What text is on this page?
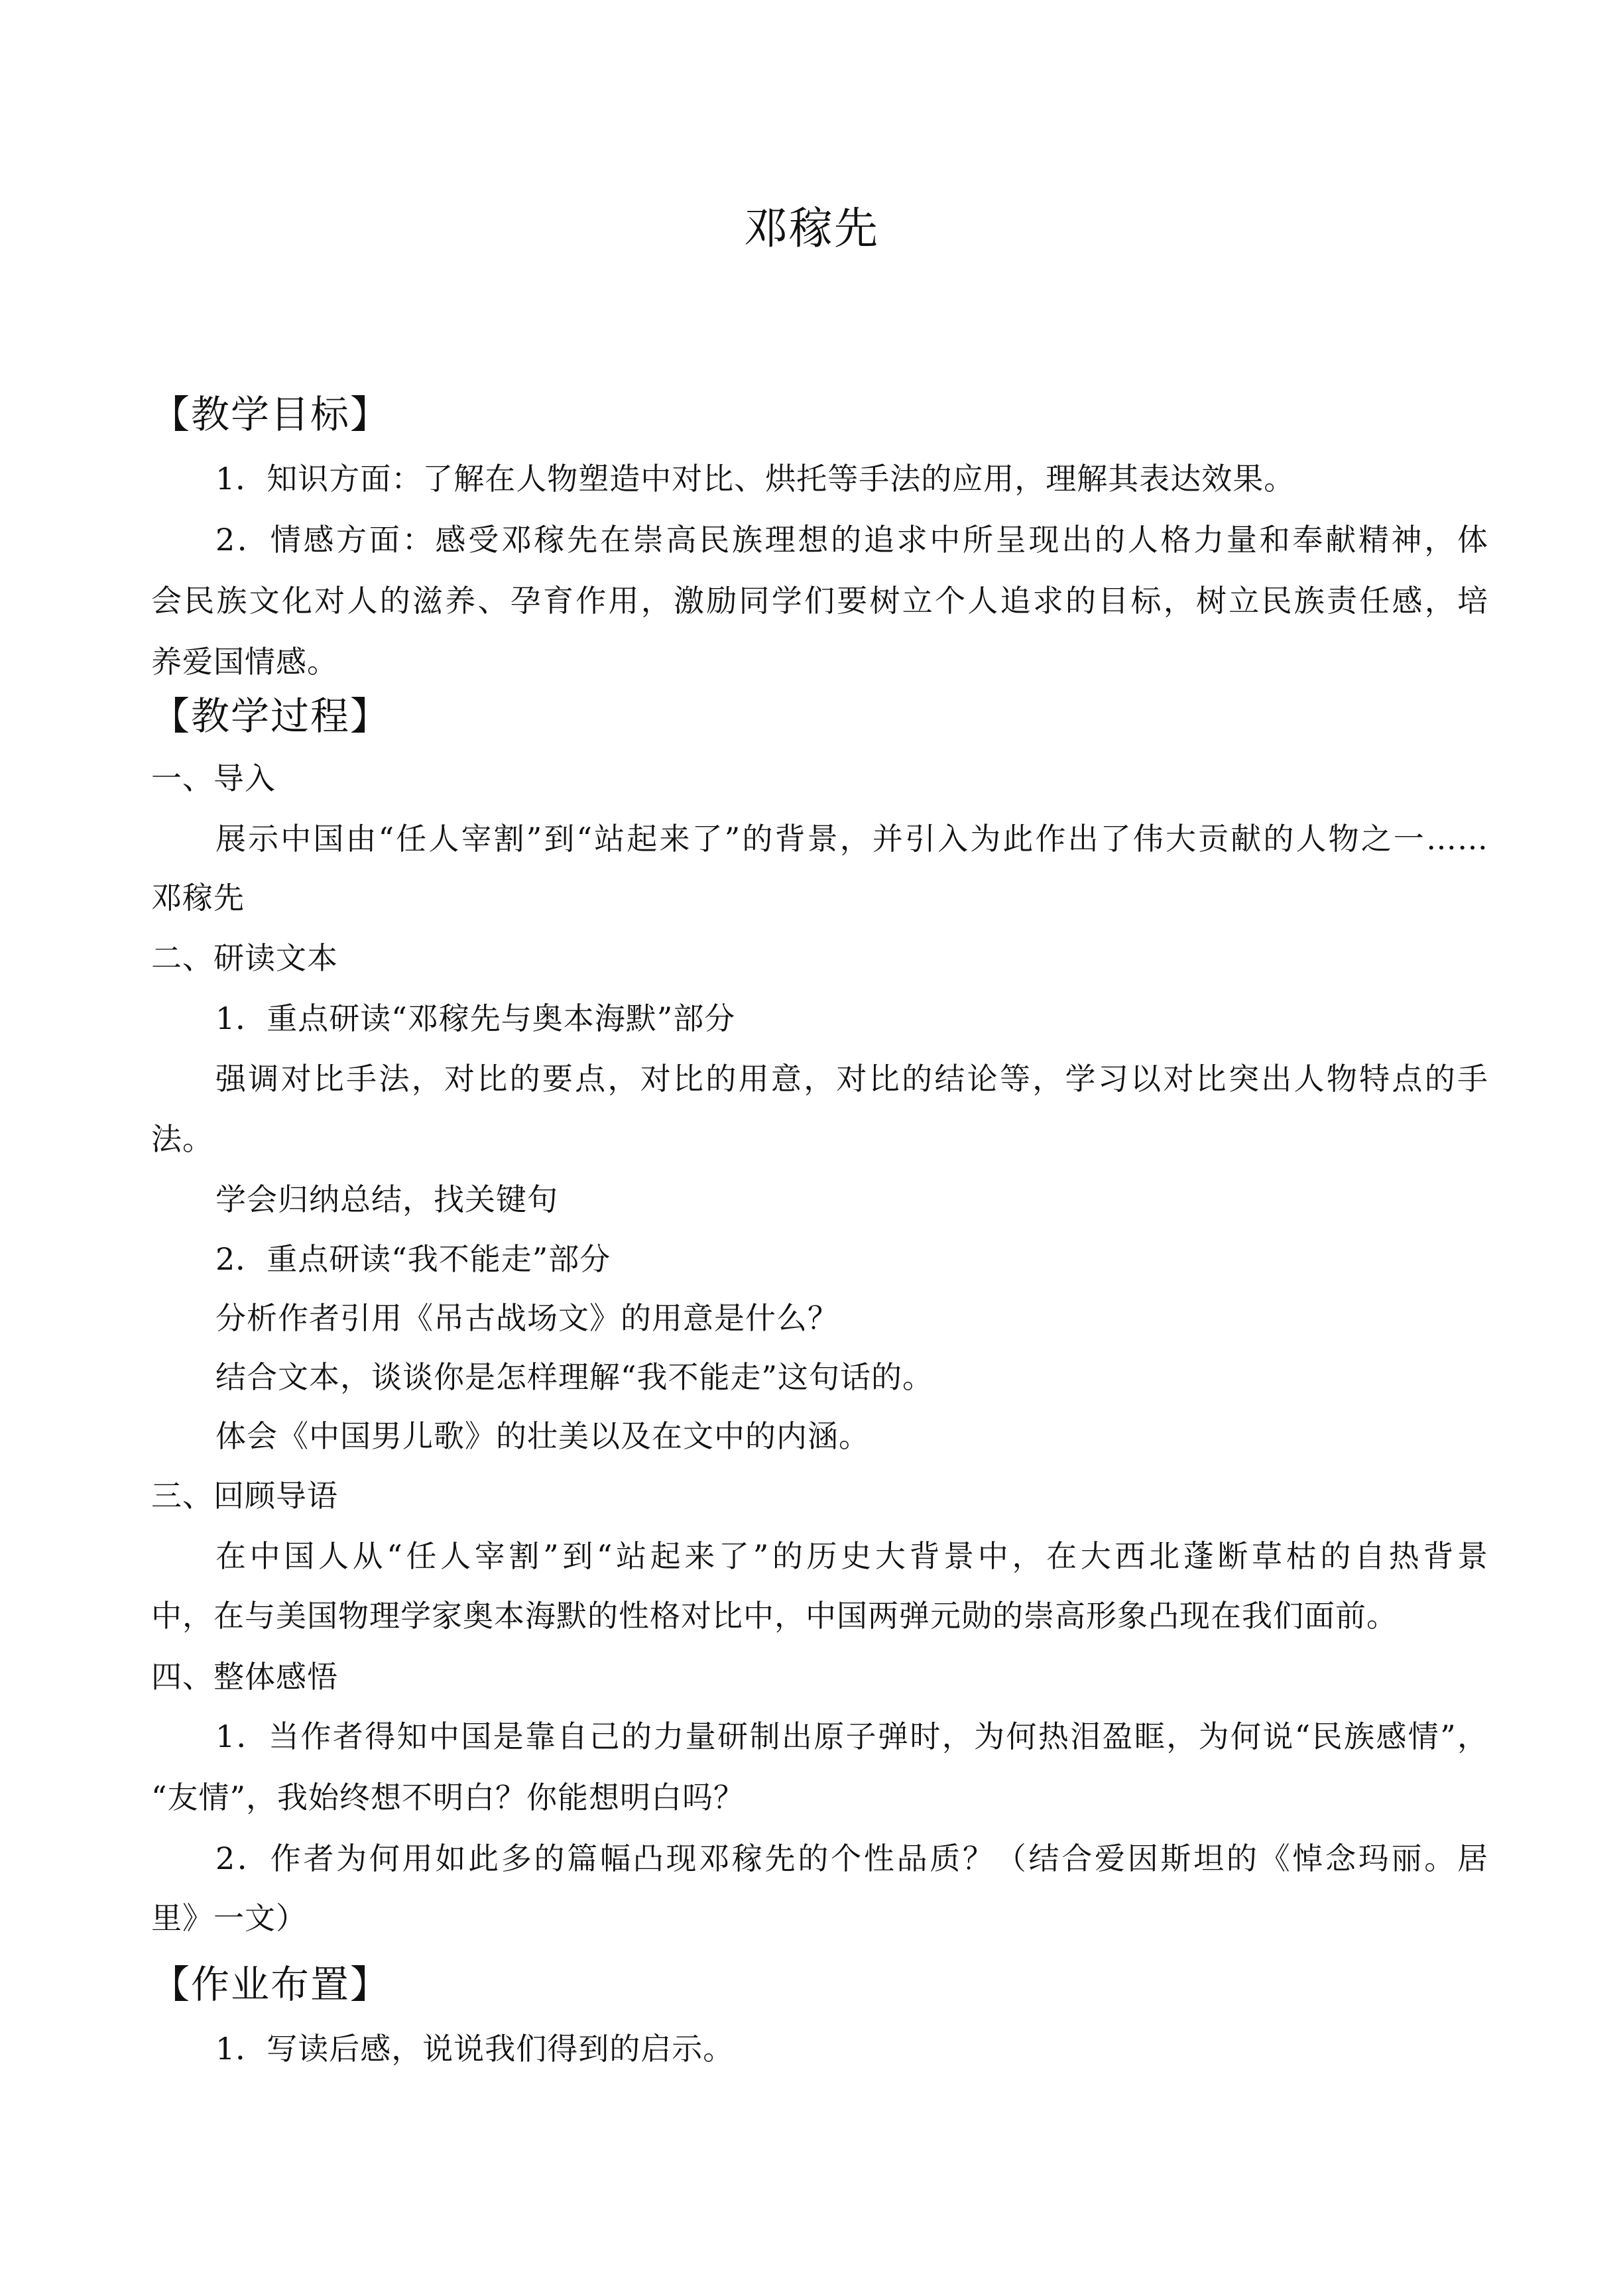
邓稼先
【教学目标】
1．知识方面：了解在人物塑造中对比、烘托等手法的应用，理解其表达效果。
2．情感方面：感受邓稼先在崇高民族理想的追求中所呈现出的人格力量和奉献精神，体
会民族文化对人的滋养、孕育作用，激励同学们要树立个人追求的目标，树立民族责任感，培
养爱国情感。
【教学过程】
一、导入
展示中国由“任人宰割”到“站起来了”的背景，并引入为此作出了伟大贡献的人物之一……
邓稼先
二、研读文本
1．重点研读“邓稼先与奥本海默”部分
强调对比手法，对比的要点，对比的用意，对比的结论等，学习以对比突出人物特点的手
法。
学会归纳总结，找关键句
2．重点研读“我不能走”部分
分析作者引用《吊古战场文》的用意是什么？
结合文本，谈谈你是怎样理解“我不能走”这句话的。
体会《中国男儿歌》的壮美以及在文中的内涵。
三、回顾导语
在中国人从“任人宰割”到“站起来了”的历史大背景中，在大西北蓬断草枯的自热背景
中，在与美国物理学家奥本海默的性格对比中，中国两弹元勋的崇高形象凸现在我们面前。
四、整体感悟
1．当作者得知中国是靠自己的力量研制出原子弹时，为何热泪盈眶，为何说“民族感情”，
“友情”，我始终想不明白？你能想明白吗？
2．作者为何用如此多的篇幅凸现邓稼先的个性品质？（结合爱因斯坦的《悼念玛丽。居
里》一文）
【作业布置】
1．写读后感，说说我们得到的启示。
